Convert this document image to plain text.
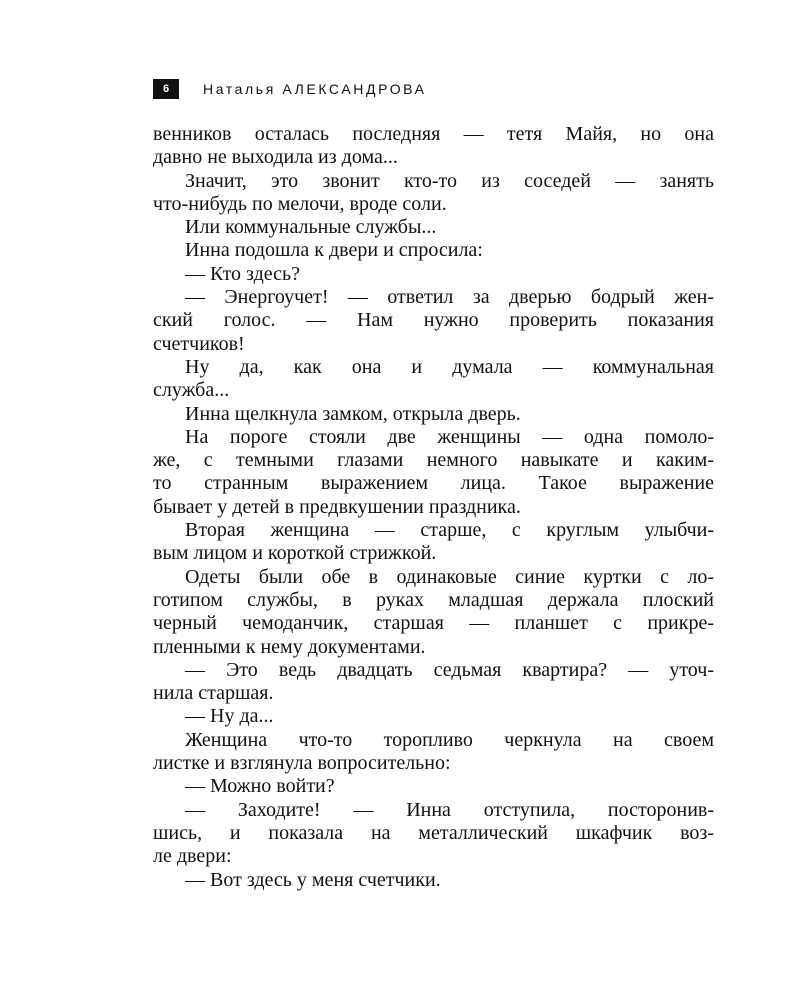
6	Наталья АЛЕКСАНДРОВА
венников осталась последняя — тетя Майя, но она
давно не выходила из дома...
Значит, это звонит кто-то из соседей — занять
что-нибудь по мелочи, вроде соли.
Или коммунальные службы...
Инна подошла к двери и спросила:
— Кто здесь?
— Энергоучет! — ответил за дверью бодрый жен-
ский голос. — Нам нужно проверить показания
счетчиков!
Ну да, как она и думала — коммунальная
служба...
Инна щелкнула замком, открыла дверь.
На пороге стояли две женщины — одна помоло-
же, с темными глазами немного навыкате и каким-
то странным выражением лица. Такое выражение
бывает у детей в предвкушении праздника.
Вторая женщина — старше, с круглым улыбчи-
вым лицом и короткой стрижкой.
Одеты были обе в одинаковые синие куртки с ло-
готипом службы, в руках младшая держала плоский
черный чемоданчик, старшая — планшет с прикре-
пленными к нему документами.
— Это ведь двадцать седьмая квартира? — уточ-
нила старшая.
— Ну да...
Женщина что-то торопливо черкнула на своем
листке и взглянула вопросительно:
— Можно войти?
— Заходите! — Инна отступила, посторонив-
шись, и показала на металлический шкафчик воз-
ле двери:
— Вот здесь у меня счетчики.
